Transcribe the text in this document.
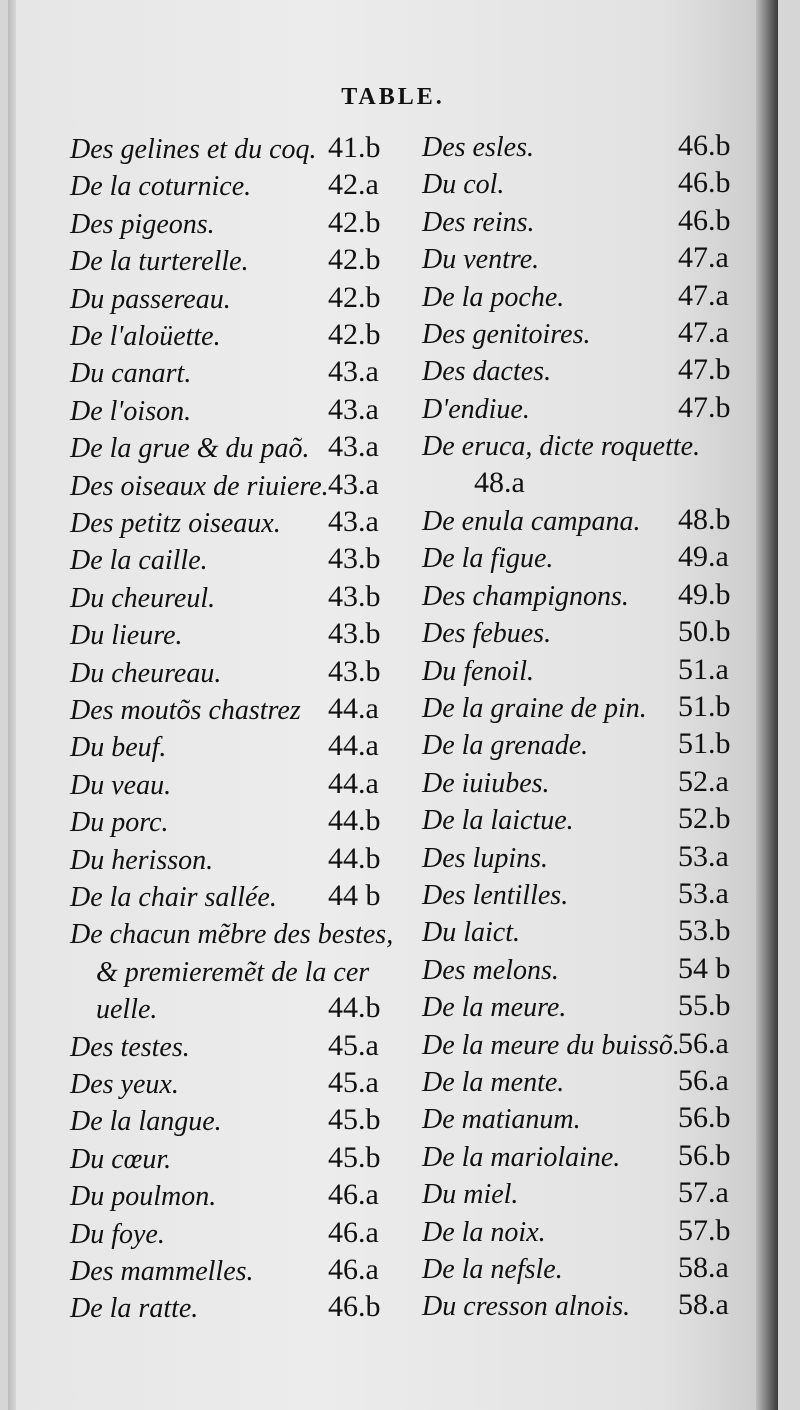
TABLE.
Des gelines et du coq. 41.b
De la coturnice.	42.a
Des pigeons.	42.b
De la turterelle.	42.b
Du passereau.	42.b
De l'aloüette.	42.b
Du canart.	43.a
De l'oison.	43.a
De la grue & du paõ. 43.a
Des oiseaux de riuiere. 43.a
Des petitz oiseaux. 43.a
De la caille.	43.b
Du cheureul.	43.b
Du lieure.	43.b
Du cheureau.	43.b
Des moutõs chastrez 44.a
Du beuf.	44.a
Du veau.	44.a
Du porc.	44.b
Du herisson.	44.b
De la chair sallée. 44 b
De chacun mẽbre des bestes,
& premieremẽt de la cer
uelle.	44.b
Des testes.	45.a
Des yeux.	45.a
De la langue.	45.b
Du cœur.	45.b
Du poulmon.	46.a
Du foye.	46.a
Des mammelles. 46.a
De la ratte.	46.b
Des esles.	46.b
Du col.	46.b
Des reins.	46.b
Du ventre.	47.a
De la poche.	47.a
Des genitoires.	47.a
Des dactes.	47.b
D'endiue.	47.b
De eruca, dicte roquette.
48.a
De enula campana. 48.b
De la figue.	49.a
Des champignons. 49.b
Des febues.	50.b
Du fenoil.	51.a
De la graine de pin. 51.b
De la grenade.	51.b
De iuiubes.	52.a
De la laictue.	52.b
Des lupins.	53.a
Des lentilles.	53.a
Du laict.	53.b
Des melons.	54 b
De la meure.	55.b
De la meure du buissõ.
56.a
De la mente.	56.a
De matianum.	56.b
De la mariolaine. 56.b
Du miel.	57.a
De la noix.	57.b
De la nefsle.	58.a
Du cresson alnois. 58.a
